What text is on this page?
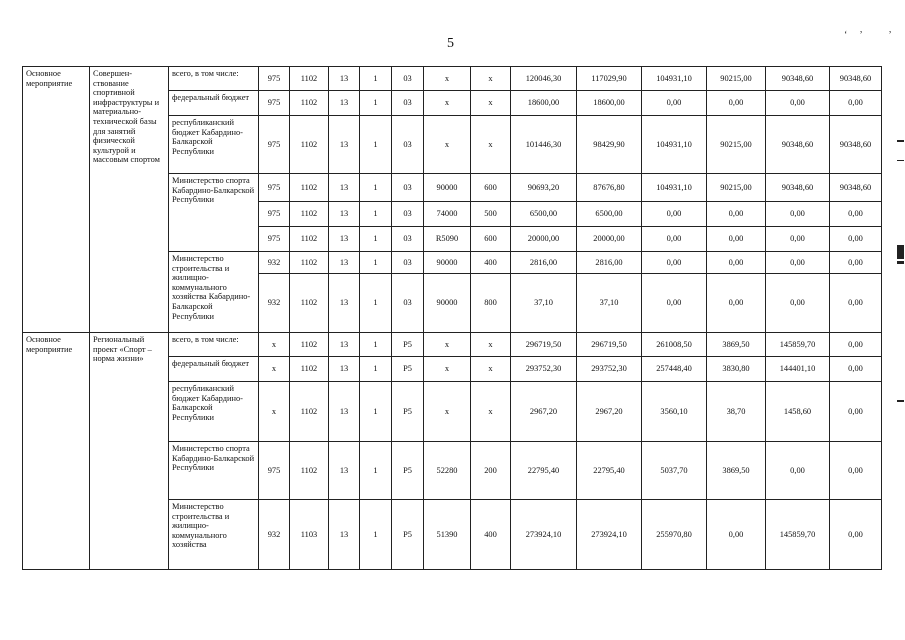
5
‘’ ’
Основное мероприятие	Совершен-ствование спортивной инфраструктуры и материально-технической базы для занятий физической культурой и массовым спортом	всего, в том числе:	975	1102	13	1	03	х	х	120046,30	117029,90	104931,10	90215,00	90348,60	90348,60
		федеральный бюджет	975	1102	13	1	03	х	х	18600,00	18600,00	0,00	0,00	0,00	0,00
		республиканский бюджет Кабардино-Балкарской Республики	975	1102	13	1	03	х	х	101446,30	98429,90	104931,10	90215,00	90348,60	90348,60
		Министерство спорта Кабардино-Балкарской Республики	975	1102	13	1	03	90000	600	90693,20	87676,80	104931,10	90215,00	90348,60	90348,60
			975	1102	13	1	03	74000	500	6500,00	6500,00	0,00	0,00	0,00	0,00
			975	1102	13	1	03	R5090	600	20000,00	20000,00	0,00	0,00	0,00	0,00
		Министерство строительства и жилищно-коммунального хозяйства Кабардино-Балкарской Республики	932	1102	13	1	03	90000	400	2816,00	2816,00	0,00	0,00	0,00	0,00
			932	1102	13	1	03	90000	800	37,10	37,10	0,00	0,00	0,00	0,00
Основное мероприятие	Региональный проект «Спорт – норма жизни»	всего, в том числе:	х	1102	13	1	Р5	х	х	296719,50	296719,50	261008,50	3869,50	145859,70	0,00
		федеральный бюджет	х	1102	13	1	Р5	х	х	293752,30	293752,30	257448,40	3830,80	144401,10	0,00
		республиканский бюджет Кабардино-Балкарской Республики	х	1102	13	1	Р5	х	х	2967,20	2967,20	3560,10	38,70	1458,60	0,00
		Министерство спорта Кабардино-Балкарской Республики	975	1102	13	1	Р5	52280	200	22795,40	22795,40	5037,70	3869,50	0,00	0,00
		Министерство строительства и жилищно-коммунального хозяйства	932	1103	13	1	Р5	51390	400	273924,10	273924,10	255970,80	0,00	145859,70	0,00
